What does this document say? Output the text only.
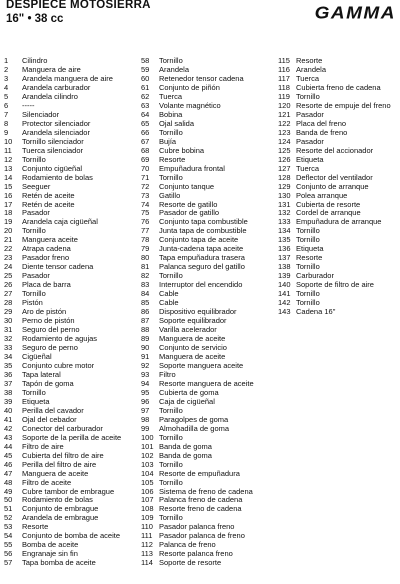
DESPIECE MOTOSIERRA
16" • 38 cc	GAMMA
1 Cilindro
2 Manguera de aire
3 Arandela manguera de aire
4 Arandela carburador
5 Arandela cilindro
6 -----
7 Silenciador
8 Protector silenciador
9 Arandela silenciador
10 Tornillo silenciador
11 Tuerca silenciador
12 Tornillo
13 Conjunto cigüeñal
14 Rodamiento de bolas
15 Seeguer
16 Retén de aceite
17 Retén de aceite
18 Pasador
19 Arandela caja cigüeñal
20 Tornillo
21 Manguera aceite
22 Atrapa cadena
23 Pasador freno
24 Diente tensor cadena
25 Pasador
26 Placa de barra
27 Tornillo
28 Pistón
29 Aro de pistón
30 Perno de pistón
31 Seguro del perno
32 Rodamiento de agujas
33 Seguro de perno
34 Cigüeñal
35 Conjunto cubre motor
36 Tapa lateral
37 Tapón de goma
38 Tornillo
39 Etiqueta
40 Perilla del cavador
41 Ojal del cebador
42 Conector del carburador
43 Soporte de la perilla de aceite
44 Filtro de aire
45 Cubierta del filtro de aire
46 Perilla del filtro de aire
47 Manguera de aceite
48 Filtro de aceite
49 Cubre tambor de embrague
50 Rodamiento de bolas
51 Conjunto de embrague
52 Arandela de embrague
53 Resorte
54 Conjunto de bomba de aceite
55 Bomba de aceite
56 Engranaje sin fin
57 Tapa bomba de aceite
58 Tornillo
59 Arandela
60 Retenedor tensor cadena
61 Conjunto de piñón
62 Tuerca
63 Volante magnético
64 Bobina
65 Ojal salida
66 Tornillo
67 Bujía
68 Cubre bobina
69 Resorte
70 Empuñadura frontal
71 Tornillo
72 Conjunto tanque
73 Gatillo
74 Resorte de gatillo
75 Pasador de gatillo
76 Conjunto tapa combustible
77 Junta tapa de combustible
78 Conjunto tapa de aceite
79 Junta-cadena tapa aceite
80 Tapa empuñadura trasera
81 Palanca seguro del gatillo
82 Tornillo
83 Interruptor del encendido
84 Cable
85 Cable
86 Dispositivo equilibrador
87 Soporte equilibrador
88 Varilla acelerador
89 Manguera de aceite
90 Conjunto de servicio
91 Manguera de aceite
92 Soporte manguera aceite
93 Filtro
94 Resorte manguera de aceite
95 Cubierta de goma
96 Caja de cigüeñal
97 Tornillo
98 Paragolpes de goma
99 Almohadilla de goma
100 Tornillo
101 Banda de goma
102 Banda de goma
103 Tornillo
104 Resorte de empuñadura
105 Tornillo
106 Sistema de freno de cadena
107 Palanca freno de cadena
108 Resorte freno de cadena
109 Tornillo
110 Pasador palanca freno
111 Pasador palanca de freno
112 Palanca de freno
113 Resorte palanca freno
114 Soporte de resorte
115 Resorte
116 Arandela
117 Tuerca
118 Cubierta freno de cadena
119 Tornillo
120 Resorte de empuje del freno
121 Pasador
122 Placa del freno
123 Banda de freno
124 Pasador
125 Resorte del accionador
126 Etiqueta
127 Tuerca
128 Deflector del ventilador
129 Conjunto de arranque
130 Polea arranque
131 Cubierta de resorte
132 Cordel de arranque
133 Empuñadura de arranque
134 Tornillo
135 Tornillo
136 Etiqueta
137 Resorte
138 Tornillo
139 Carburador
140 Soporte de filtro de aire
141 Tornillo
142 Tornillo
143 Cadena 16"
